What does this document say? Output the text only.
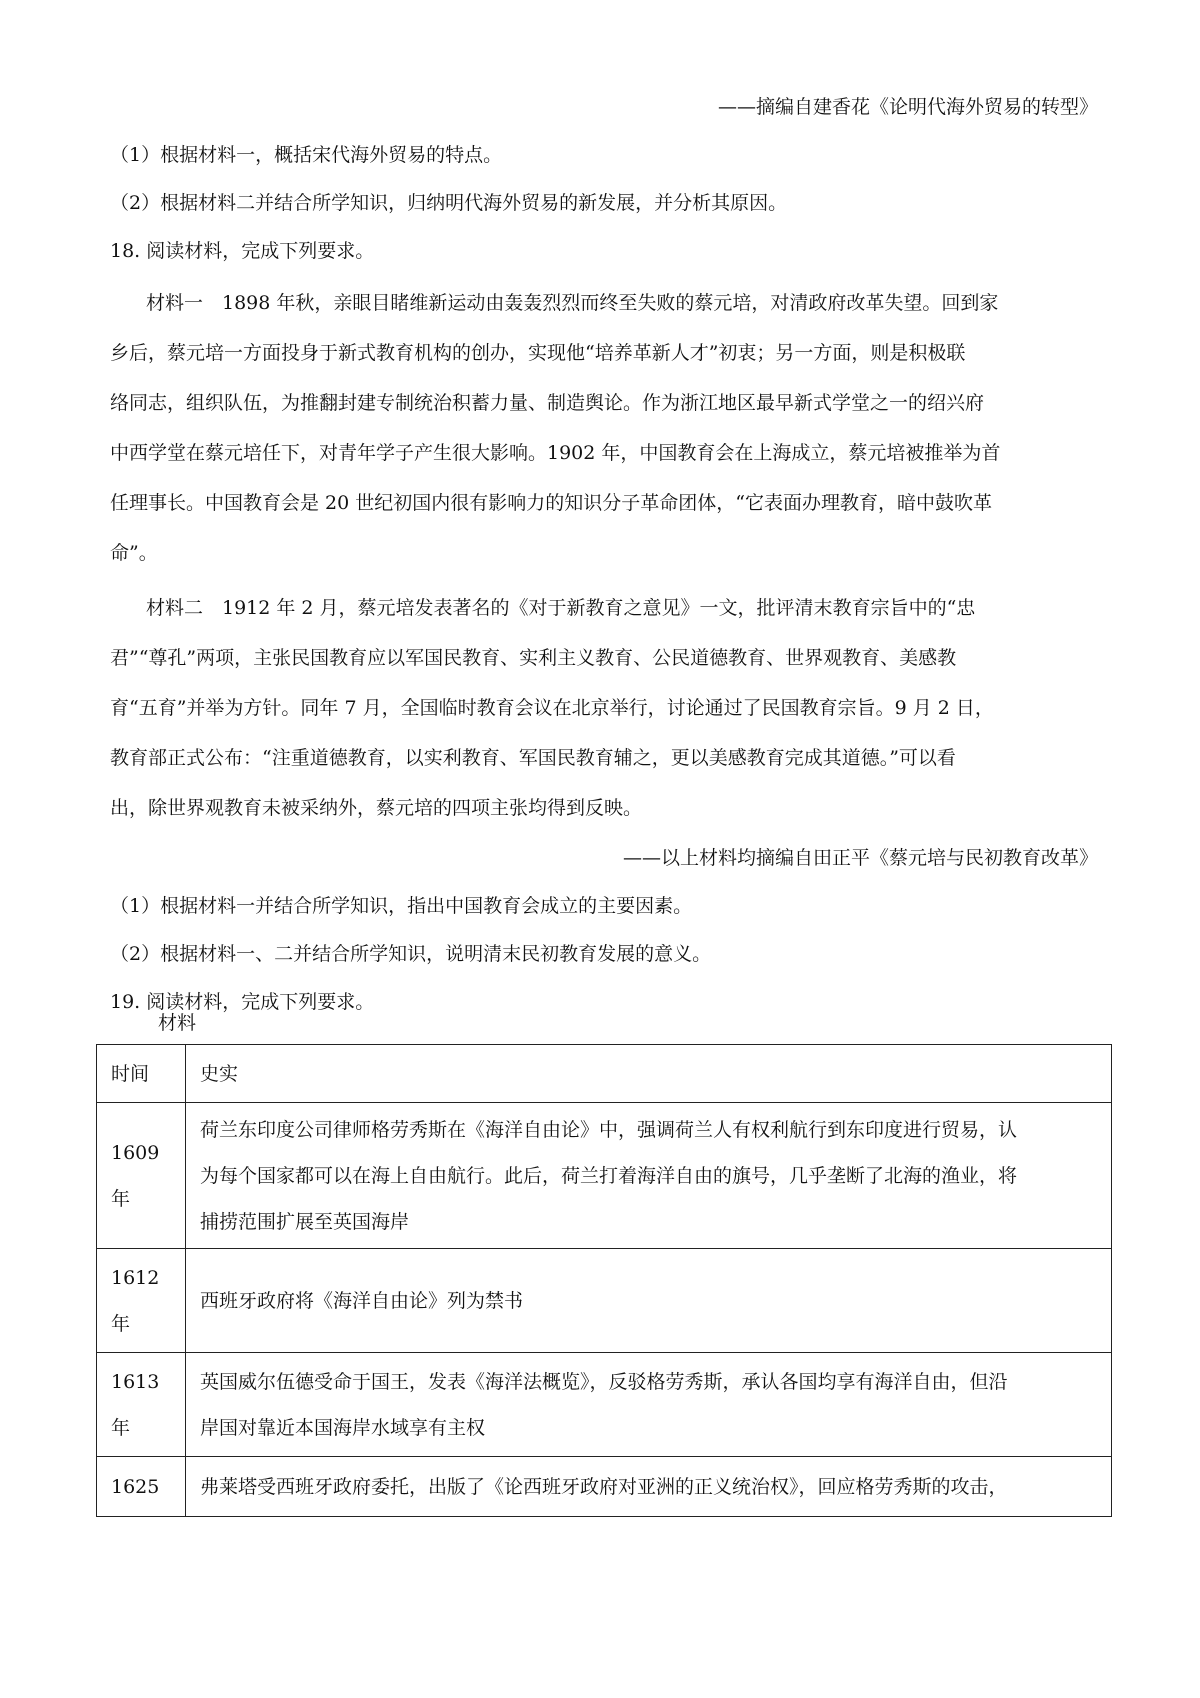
——摘编自建香花《论明代海外贸易的转型》
（1）根据材料一，概括宋代海外贸易的特点。
（2）根据材料二并结合所学知识，归纳明代海外贸易的新发展，并分析其原因。
18. 阅读材料，完成下列要求。
材料一　1898 年秋，亲眼目睹维新运动由轰轰烈烈而终至失败的蔡元培，对清政府改革失望。回到家
乡后，蔡元培一方面投身于新式教育机构的创办，实现他“培养革新人才”初衷；另一方面，则是积极联
络同志，组织队伍，为推翻封建专制统治积蓄力量、制造舆论。作为浙江地区最早新式学堂之一的绍兴府
中西学堂在蔡元培任下，对青年学子产生很大影响。1902 年，中国教育会在上海成立，蔡元培被推举为首
任理事长。中国教育会是 20 世纪初国内很有影响力的知识分子革命团体，“它表面办理教育，暗中鼓吹革
命”。
材料二　1912 年 2 月，蔡元培发表著名的《对于新教育之意见》一文，批评清末教育宗旨中的“忠
君”“尊孔”两项，主张民国教育应以军国民教育、实利主义教育、公民道德教育、世界观教育、美感教
育“五育”并举为方针。同年 7 月，全国临时教育会议在北京举行，讨论通过了民国教育宗旨。9 月 2 日，
教育部正式公布：“注重道德教育，以实利教育、军国民教育辅之，更以美感教育完成其道德。”可以看
出，除世界观教育未被采纳外，蔡元培的四项主张均得到反映。
——以上材料均摘编自田正平《蔡元培与民初教育改革》
（1）根据材料一并结合所学知识，指出中国教育会成立的主要因素。
（2）根据材料一、二并结合所学知识，说明清末民初教育发展的意义。
19. 阅读材料，完成下列要求。
材料
时间	史实

1609
年	荷兰东印度公司律师格劳秀斯在《海洋自由论》中，强调荷兰人有权利航行到东印度进行贸易，认
为每个国家都可以在海上自由航行。此后，荷兰打着海洋自由的旗号，几乎垄断了北海的渔业，将
捕捞范围扩展至英国海岸

1612
年	西班牙政府将《海洋自由论》列为禁书

1613
年	英国威尔伍德受命于国王，发表《海洋法概览》，反驳格劳秀斯，承认各国均享有海洋自由，但沿
岸国对靠近本国海岸水域享有主权

1625	弗莱塔受西班牙政府委托，出版了《论西班牙政府对亚洲的正义统治权》，回应格劳秀斯的攻击，
